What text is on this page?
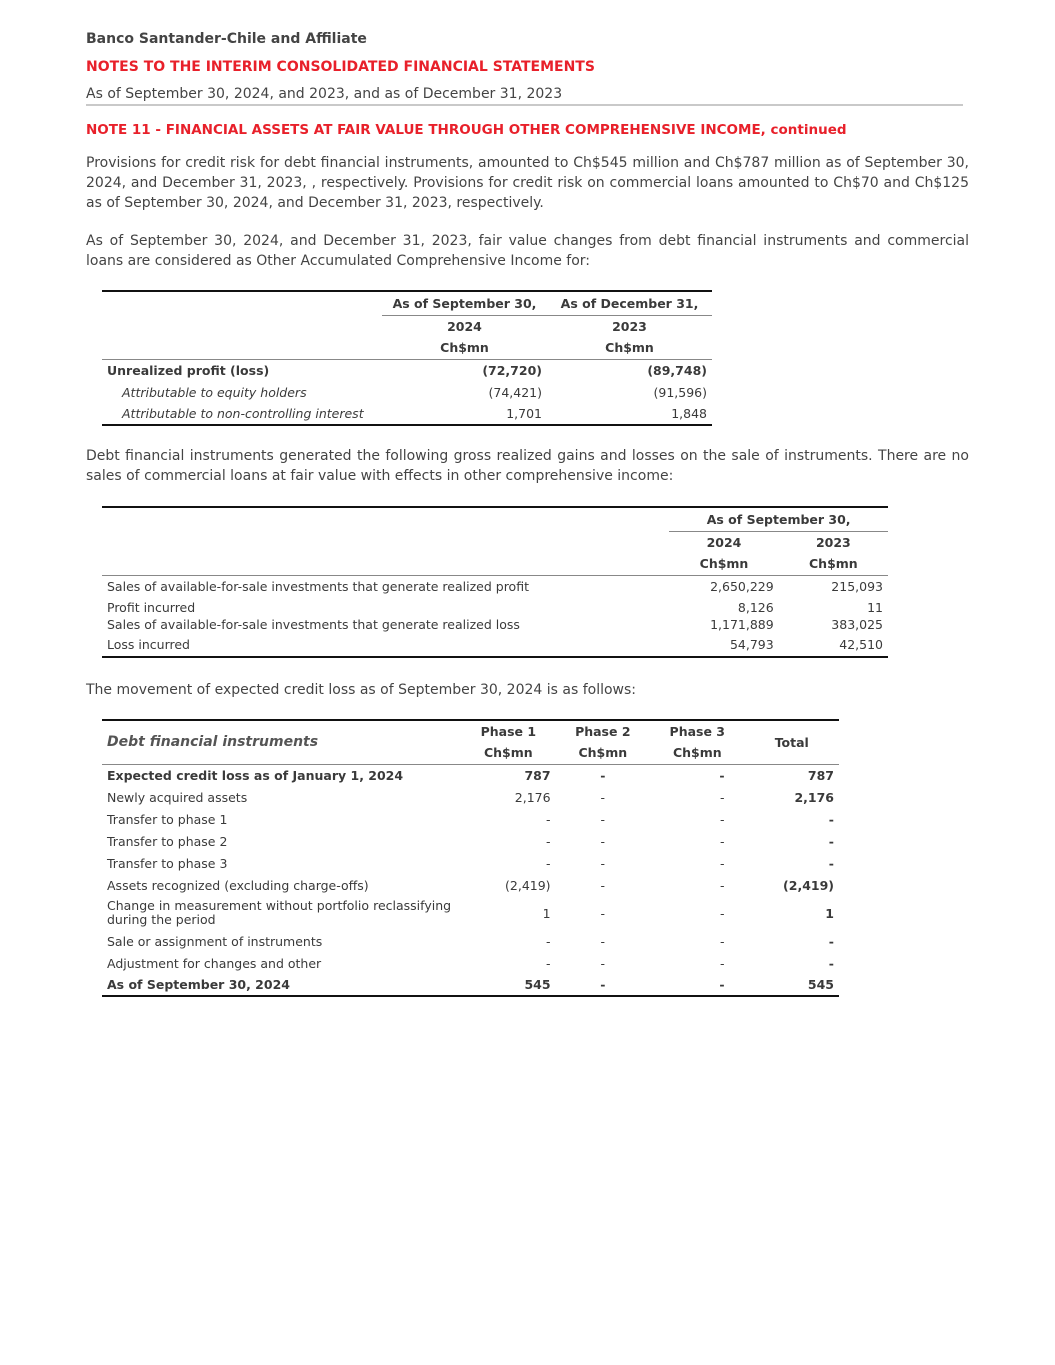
Banco Santander-Chile and Affiliate
NOTES TO THE INTERIM CONSOLIDATED FINANCIAL STATEMENTS
As of September 30, 2024, and 2023, and as of December 31, 2023
NOTE 11 - FINANCIAL ASSETS AT FAIR VALUE THROUGH OTHER COMPREHENSIVE INCOME, continued
Provisions for credit risk for debt financial instruments, amounted to Ch$545 million and Ch$787 million as of September 30, 2024, and December 31, 2023, , respectively. Provisions for credit risk on commercial loans amounted to Ch$70 and Ch$125 as of September 30, 2024, and December 31, 2023, respectively.
As of September 30, 2024, and December 31, 2023, fair value changes from debt financial instruments and commercial loans are considered as Other Accumulated Comprehensive Income for:
	As of September 30,	As of December 31,
	2024	2023
	Ch$mn	Ch$mn
Unrealized profit (loss)	(72,720)	(89,748)
Attributable to equity holders	(74,421)	(91,596)
Attributable to non-controlling interest	1,701	1,848
Debt financial instruments generated the following gross realized gains and losses on the sale of instruments. There are no sales of commercial loans at fair value with effects in other comprehensive income:
	As of September 30,	
	2024	2023
	Ch$mn	Ch$mn
Sales of available-for-sale investments that generate realized profit	2,650,229	215,093
Profit incurred	8,126	11
Sales of available-for-sale investments that generate realized loss	1,171,889	383,025
Loss incurred	54,793	42,510
The movement of expected credit loss as of September 30, 2024 is as follows:
Debt financial instruments	Phase 1	Phase 2	Phase 3	Total
	Ch$mn	Ch$mn	Ch$mn	
Expected credit loss as of January 1, 2024	787	-	-	787
Newly acquired assets	2,176	-	-	2,176
Transfer to phase 1	-	-	-	-
Transfer to phase 2	-	-	-	-
Transfer to phase 3	-	-	-	-
Assets recognized (excluding charge-offs)	(2,419)	-	-	(2,419)
Change in measurement without portfolio reclassifying during the period	1	-	-	1
Sale or assignment of instruments	-	-	-	-
Adjustment for changes and other	-	-	-	-
As of September 30, 2024	545	-	-	545
